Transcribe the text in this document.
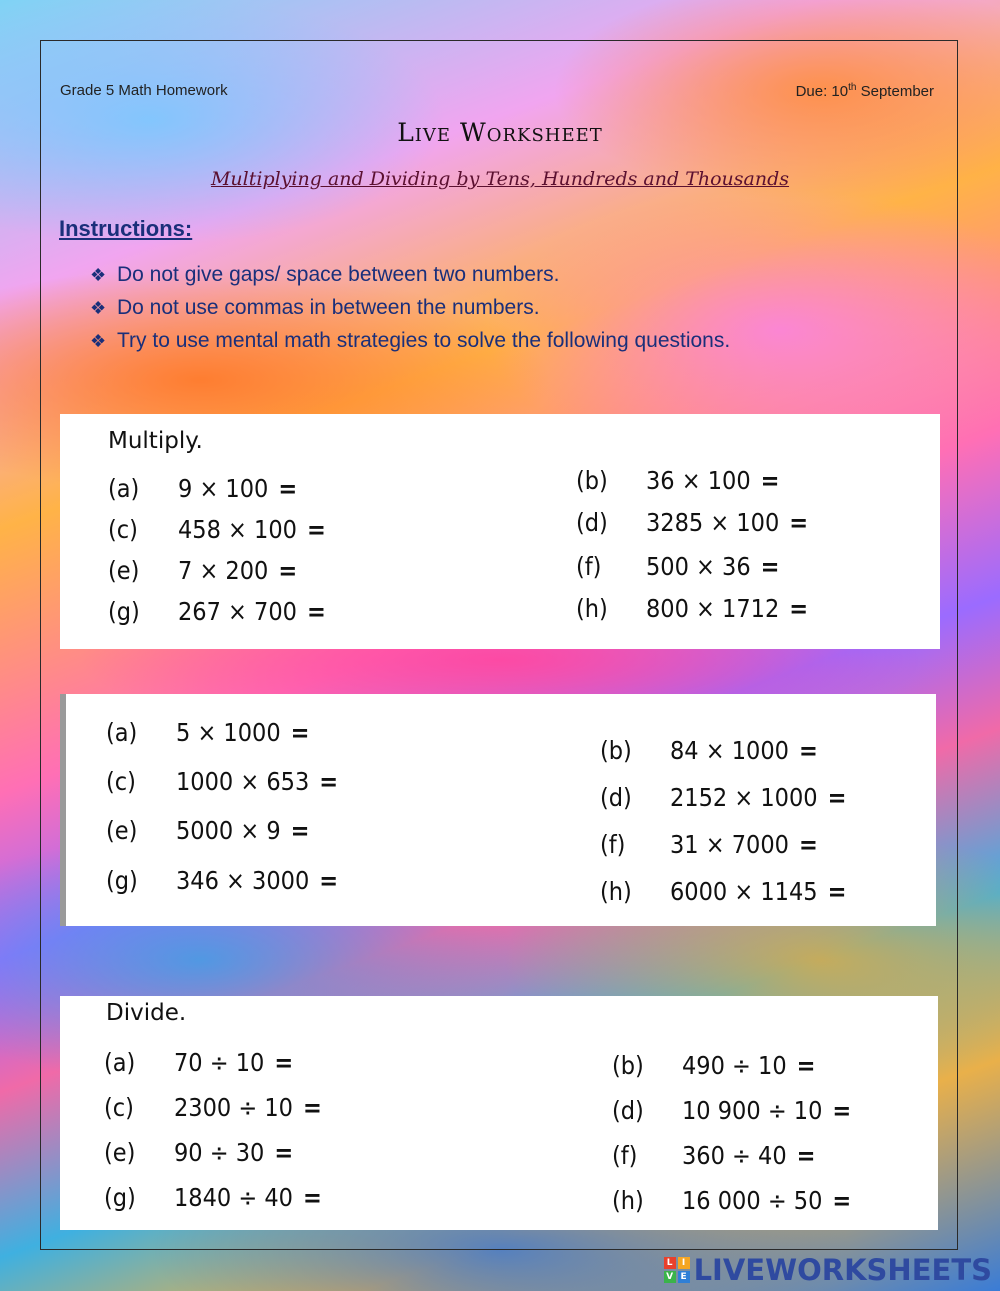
Grade 5 Math Homework	Due: 10th September
Live Worksheet
Multiplying and Dividing by Tens, Hundreds and Thousands
Instructions:
❖ Do not give gaps/ space between two numbers.
❖ Do not use commas in between the numbers.
❖ Try to use mental math strategies to solve the following questions.
Multiply.
(a) 9 × 100 =
(c) 458 × 100 =
(e) 7 × 200 =
(g) 267 × 700 =
(b) 36 × 100 =
(d) 3285 × 100 =
(f) 500 × 36 =
(h) 800 × 1712 =
(a) 5 × 1000 =
(c) 1000 × 653 =
(e) 5000 × 9 =
(g) 346 × 3000 =
(b) 84 × 1000 =
(d) 2152 × 1000 =
(f) 31 × 7000 =
(h) 6000 × 1145 =
Divide.
(a) 70 ÷ 10 =
(c) 2300 ÷ 10 =
(e) 90 ÷ 30 =
(g) 1840 ÷ 40 =
(b) 490 ÷ 10 =
(d) 10 900 ÷ 10 =
(f) 360 ÷ 40 =
(h) 16 000 ÷ 50 =
L	I
V E LIVEWORKSHEETS
